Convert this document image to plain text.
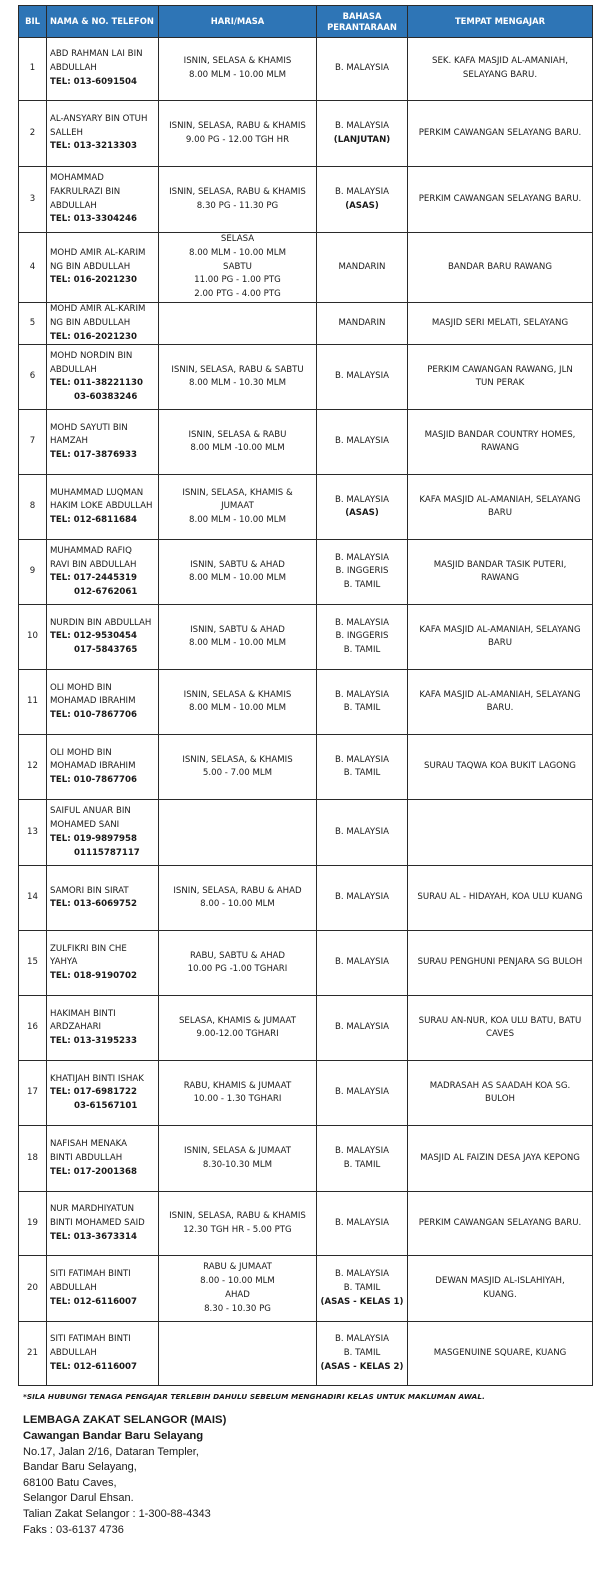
BIL	NAMA & NO. TELEFON	HARI/MASA	BAHASA
PERANTARAAN	TEMPAT MENGAJAR
1	ABD RAHMAN LAI BIN
ABDULLAH
TEL: 013-6091504	ISNIN, SELASA & KHAMIS
8.00 MLM - 10.00 MLM	B. MALAYSIA	SEK. KAFA MASJID AL-AMANIAH,
SELAYANG BARU.

2	AL-ANSYARY BIN OTUH
SALLEH
TEL: 013-3213303	ISNIN, SELASA, RABU & KHAMIS
9.00 PG - 12.00 TGH HR	B. MALAYSIA
(LANJUTAN)	PERKIM CAWANGAN SELAYANG BARU.

3	MOHAMMAD
FAKRULRAZI BIN
ABDULLAH
TEL: 013-3304246	ISNIN, SELASA, RABU & KHAMIS
8.30 PG - 11.30 PG	B. MALAYSIA
(ASAS)	PERKIM CAWANGAN SELAYANG BARU.

4	MOHD AMIR AL-KARIM
NG BIN ABDULLAH
TEL: 016-2021230	SELASA
8.00 MLM - 10.00 MLM
SABTU
11.00 PG - 1.00 PTG
2.00 PTG - 4.00 PTG	MANDARIN	BANDAR BARU RAWANG

5	MOHD AMIR AL-KARIM
NG BIN ABDULLAH
TEL: 016-2021230		MANDARIN	MASJID SERI MELATI, SELAYANG

6	MOHD NORDIN BIN
ABDULLAH
TEL: 011-38221130
03-60383246	ISNIN, SELASA, RABU & SABTU
8.00 MLM - 10.30 MLM	B. MALAYSIA	PERKIM CAWANGAN RAWANG, JLN
TUN PERAK

7	MOHD SAYUTI BIN
HAMZAH
TEL: 017-3876933	ISNIN, SELASA & RABU
8.00 MLM -10.00 MLM	B. MALAYSIA	MASJID BANDAR COUNTRY HOMES,
RAWANG

8	MUHAMMAD LUQMAN
HAKIM LOKE ABDULLAH
TEL: 012-6811684	ISNIN, SELASA, KHAMIS &
JUMAAT
8.00 MLM - 10.00 MLM	B. MALAYSIA
(ASAS)	KAFA MASJID AL-AMANIAH, SELAYANG
BARU

9	MUHAMMAD RAFIQ
RAVI BIN ABDULLAH
TEL: 017-2445319
012-6762061	ISNIN, SABTU & AHAD
8.00 MLM - 10.00 MLM	B. MALAYSIA
B. INGGERIS
B. TAMIL	MASJID BANDAR TASIK PUTERI,
RAWANG

10	NURDIN BIN ABDULLAH
TEL: 012-9530454
017-5843765	ISNIN, SABTU & AHAD
8.00 MLM - 10.00 MLM	B. MALAYSIA
B. INGGERIS
B. TAMIL	KAFA MASJID AL-AMANIAH, SELAYANG
BARU

11	OLI MOHD BIN
MOHAMAD IBRAHIM
TEL: 010-7867706	ISNIN, SELASA & KHAMIS
8.00 MLM - 10.00 MLM	B. MALAYSIA
B. TAMIL	KAFA MASJID AL-AMANIAH, SELAYANG
BARU.

12	OLI MOHD BIN
MOHAMAD IBRAHIM
TEL: 010-7867706	ISNIN, SELASA, & KHAMIS
5.00 - 7.00 MLM	B. MALAYSIA
B. TAMIL	SURAU TAQWA KOA BUKIT LAGONG

13	SAIFUL ANUAR BIN
MOHAMED SANI
TEL: 019-9897958
01115787117		B. MALAYSIA	

14	SAMORI BIN SIRAT
TEL: 013-6069752	ISNIN, SELASA, RABU & AHAD
8.00 - 10.00 MLM	B. MALAYSIA	SURAU AL - HIDAYAH, KOA ULU KUANG

15	ZULFIKRI BIN CHE
YAHYA
TEL: 018-9190702	RABU, SABTU & AHAD
10.00 PG -1.00 TGHARI	B. MALAYSIA	SURAU PENGHUNI PENJARA SG BULOH

16	HAKIMAH BINTI
ARDZAHARI
TEL: 013-3195233	SELASA, KHAMIS & JUMAAT
9.00-12.00 TGHARI	B. MALAYSIA	SURAU AN-NUR, KOA ULU BATU, BATU
CAVES

17	KHATIJAH BINTI ISHAK
TEL: 017-6981722
03-61567101	RABU, KHAMIS & JUMAAT
10.00 - 1.30 TGHARI	B. MALAYSIA	MADRASAH AS SAADAH KOA SG.
BULOH

18	NAFISAH MENAKA
BINTI ABDULLAH
TEL: 017-2001368	ISNIN, SELASA & JUMAAT
8.30-10.30 MLM	B. MALAYSIA
B. TAMIL	MASJID AL FAIZIN DESA JAYA KEPONG

19	NUR MARDHIYATUN
BINTI MOHAMED SAID
TEL: 013-3673314	ISNIN, SELASA, RABU & KHAMIS
12.30 TGH HR - 5.00 PTG	B. MALAYSIA	PERKIM CAWANGAN SELAYANG BARU.

20	SITI FATIMAH BINTI
ABDULLAH
TEL: 012-6116007	RABU & JUMAAT
8.00 - 10.00 MLM
AHAD
8.30 - 10.30 PG	B. MALAYSIA
B. TAMIL
(ASAS - KELAS 1)	DEWAN MASJID AL-ISLAHIYAH,
KUANG.

21	SITI FATIMAH BINTI
ABDULLAH
TEL: 012-6116007		B. MALAYSIA
B. TAMIL
(ASAS - KELAS 2)	MASGENUINE SQUARE, KUANG
*SILA HUBUNGI TENAGA PENGAJAR TERLEBIH DAHULU SEBELUM MENGHADIRI KELAS UNTUK MAKLUMAN AWAL.
LEMBAGA ZAKAT SELANGOR (MAIS)
Cawangan Bandar Baru Selayang
No.17, Jalan 2/16, Dataran Templer,
Bandar Baru Selayang,
68100 Batu Caves,
Selangor Darul Ehsan.
Talian Zakat Selangor : 1-300-88-4343
Faks : 03-6137 4736
